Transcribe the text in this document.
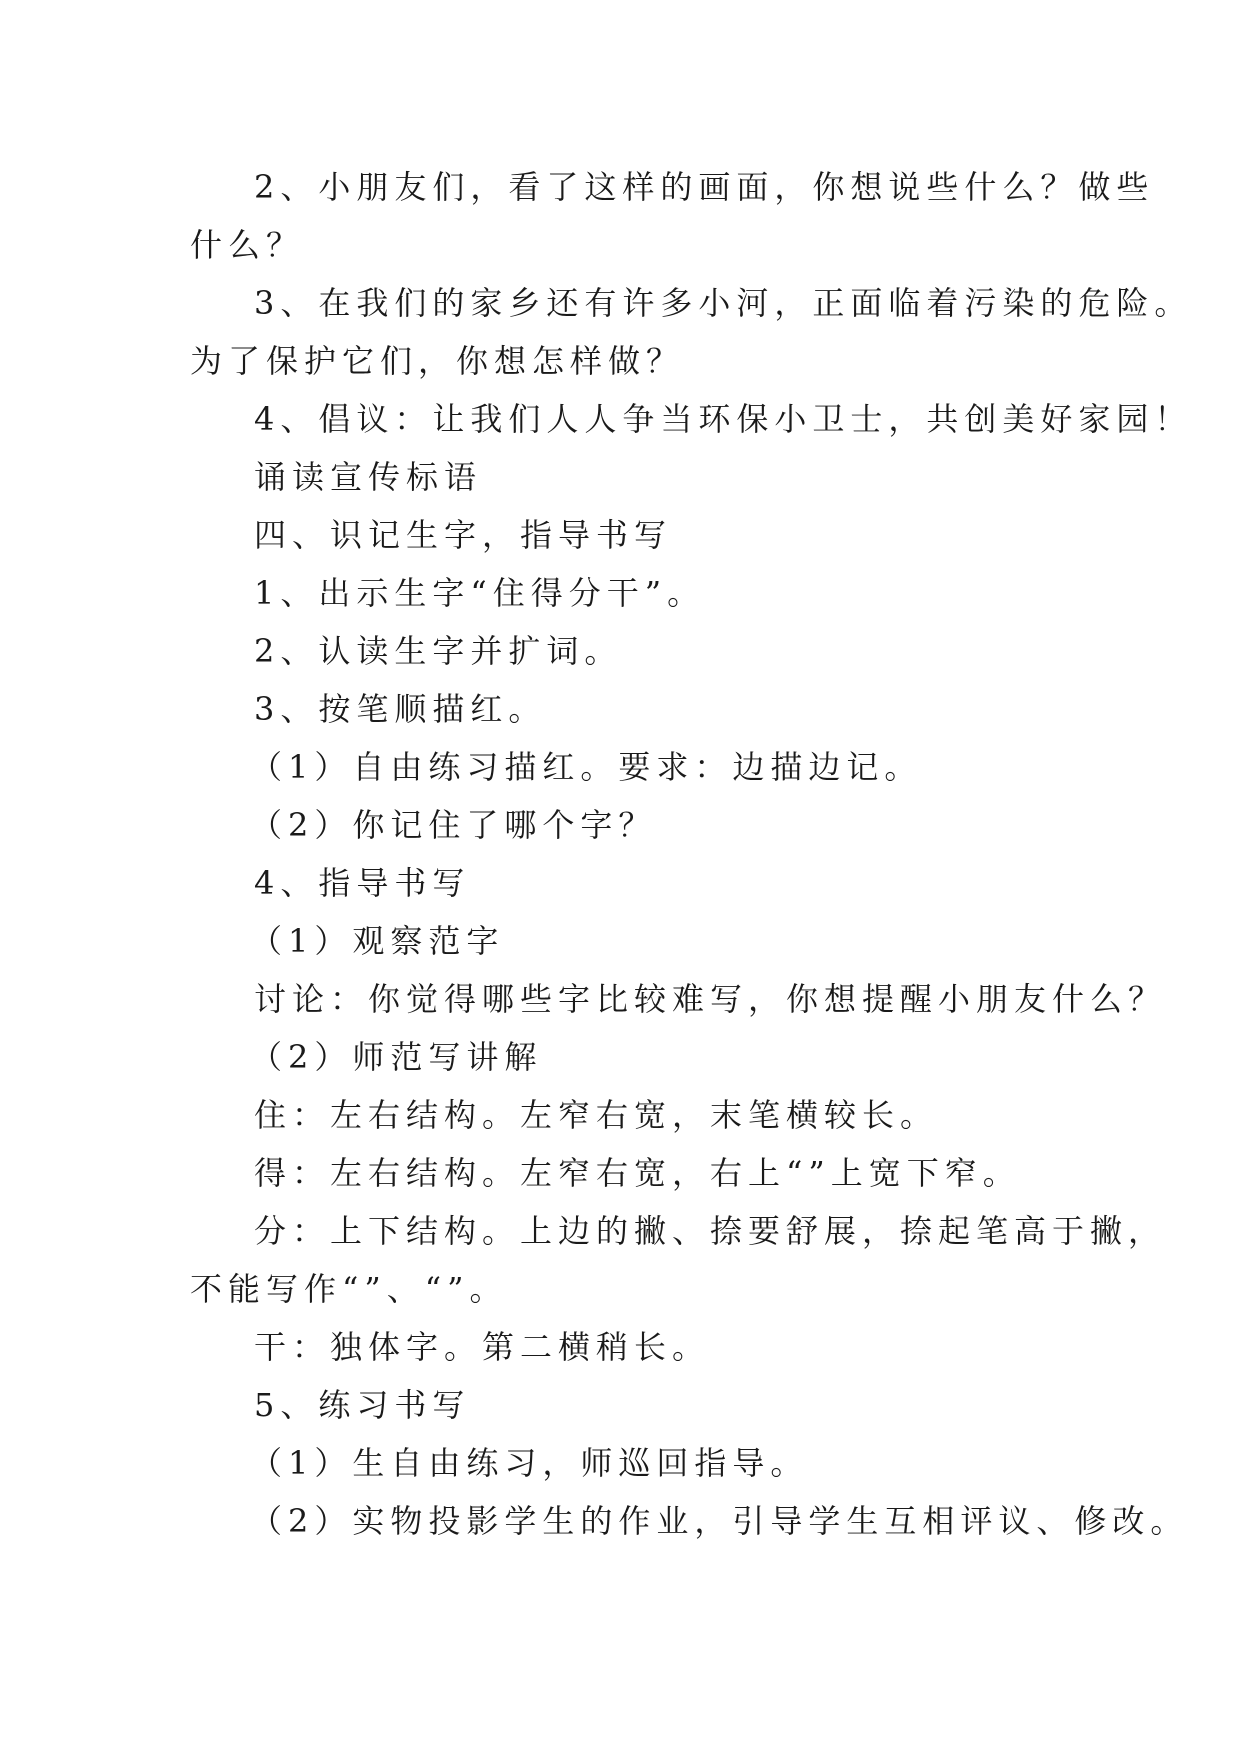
2、小朋友们，看了这样的画面，你想说些什么？做些
什么？
3、在我们的家乡还有许多小河，正面临着污染的危险。
为了保护它们，你想怎样做？
4、倡议：让我们人人争当环保小卫士，共创美好家园！
诵读宣传标语
四、识记生字，指导书写
1、出示生字“住得分干”。
2、认读生字并扩词。
3、按笔顺描红。
（1）自由练习描红。要求：边描边记。
（2）你记住了哪个字？
4、指导书写
（1）观察范字
讨论：你觉得哪些字比较难写，你想提醒小朋友什么？
（2）师范写讲解
住：左右结构。左窄右宽，末笔横较长。
得：左右结构。左窄右宽，右上“”上宽下窄。
分：上下结构。上边的撇、捺要舒展，捺起笔高于撇，
不能写作“”、“”。
干：独体字。第二横稍长。
5、练习书写
（1）生自由练习，师巡回指导。
（2）实物投影学生的作业，引导学生互相评议、修改。
